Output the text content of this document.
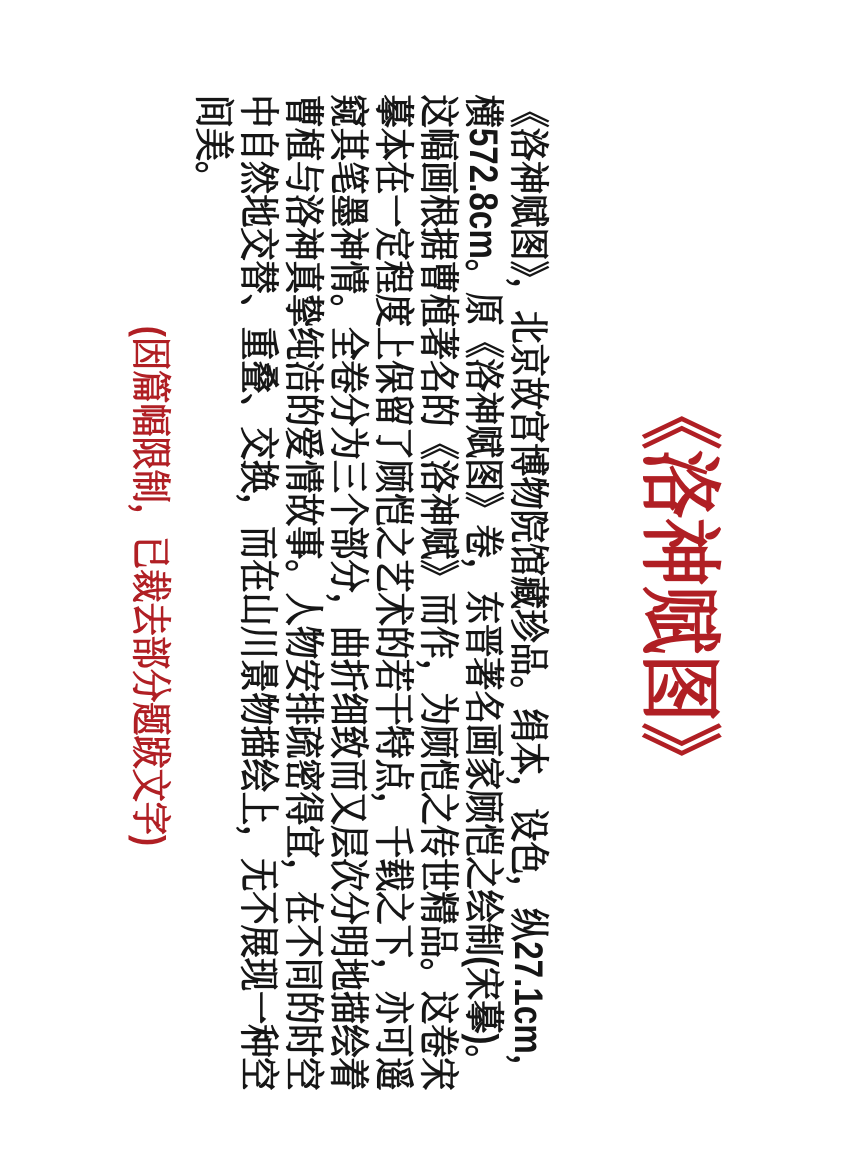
《洛神赋图》
《洛神赋图》，北京故宫博物院馆藏珍品。绢本，设色，纵27.1cm，
横572.8cm。原《洛神赋图》卷，东晋著名画家顾恺之绘制(宋摹)。
这幅画根据曹植著名的《洛神赋》而作，为顾恺之传世精品。这卷宋
摹本在一定程度上保留了顾恺之艺术的若干特点，千载之下，亦可遥
窥其笔墨神情。全卷分为三个部分，曲折细致而又层次分明地描绘着
曹植与洛神真挚纯洁的爱情故事。人物安排疏密得宜，在不同的时空
中自然地交替、重叠、交换，而在山川景物描绘上，无不展现一种空
间美。
(因篇幅限制，已裁去部分题跋文字)
